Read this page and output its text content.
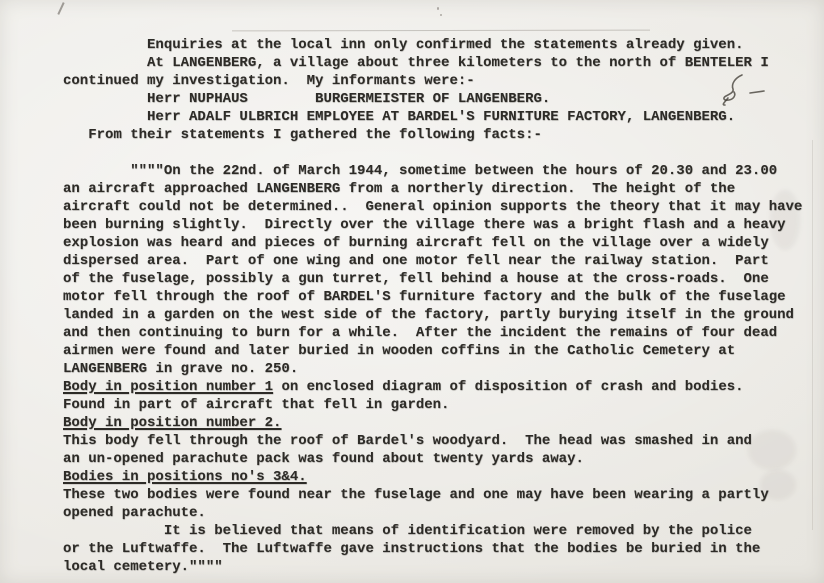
Enquiries at the local inn only confirmed the statements already given.
At LANGENBERG, a village about three kilometers to the north of BENTELER I
continued my investigation.  My informants were:-
Herr NUPHAUS        BURGERMEISTER OF LANGENBERG.
Herr ADALF ULBRICH EMPLOYEE AT BARDEL'S FURNITURE FACTORY, LANGENBERG.
From their statements I gathered the following facts:-
""""On the 22nd. of March 1944, sometime between the hours of 20.30 and 23.00
an aircraft approached LANGENBERG from a northerly direction.  The height of the
aircraft could not be determined..  General opinion supports the theory that it may have
been burning slightly.  Directly over the village there was a bright flash and a heavy
explosion was heard and pieces of burning aircraft fell on the village over a widely
dispersed area.  Part of one wing and one motor fell near the railway station.  Part
of the fuselage, possibly a gun turret, fell behind a house at the cross-roads.  One
motor fell through the roof of BARDEL'S furniture factory and the bulk of the fuselage
landed in a garden on the west side of the factory, partly burying itself in the ground
and then continuing to burn for a while.  After the incident the remains of four dead
airmen were found and later buried in wooden coffins in the Catholic Cemetery at
LANGENBERG in grave no. 250.
Body in position number 1 on enclosed diagram of disposition of crash and bodies.
Found in part of aircraft that fell in garden.
Body in position number 2.
This body fell through the roof of Bardel's woodyard.  The head was smashed in and
an un-opened parachute pack was found about twenty yards away.
Bodies in positions no's 3&4.
These two bodies were found near the fuselage and one may have been wearing a partly
opened parachute.
It is believed that means of identification were removed by the police
or the Luftwaffe.  The Luftwaffe gave instructions that the bodies be buried in the
local cemetery.""""
